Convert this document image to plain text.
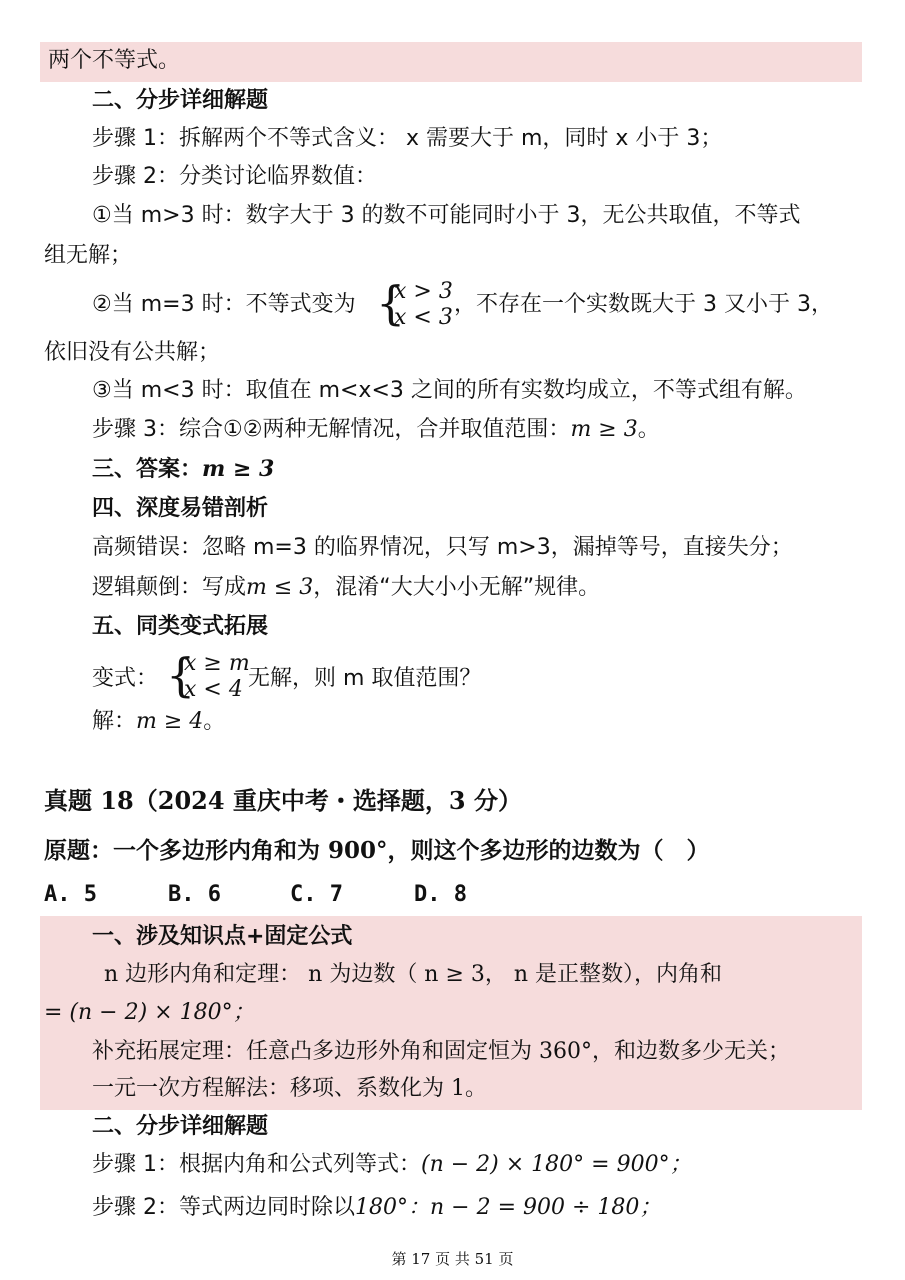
两个不等式。
二、分步详细解题
步骤 1：拆解两个不等式含义： x 需要大于 m，同时 x 小于 3；
步骤 2：分类讨论临界数值：
①当 m>3 时：数字大于 3 的数不可能同时小于 3，无公共取值，不等式
组无解；
②当 m=3 时：不等式变为 {
x > 3
x < 3
，不存在一个实数既大于 3 又小于 3，
依旧没有公共解；
③当 m<3 时：取值在 m<x<3 之间的所有实数均成立，不等式组有解。
步骤 3：综合①②两种无解情况，合并取值范围：m ≥ 3。
三、答案：m ≥ 3
四、深度易错剖析
高频错误：忽略 m=3 的临界情况，只写 m>3，漏掉等号，直接失分；
逻辑颠倒：写成m ≤ 3，混淆“大大小小无解”规律。
五、同类变式拓展
变式： {
x ≥ m
x < 4 无解，则 m 取值范围？
解：m ≥ 4。
真题 18（2024 重庆中考・选择题，3 分）
原题：一个多边形内角和为 900°，则这个多边形的边数为（　）
A. 5	B. 6	C. 7	D. 8
一、涉及知识点+固定公式
n 边形内角和定理： n 为边数（ n ≥ 3， n 是正整数），内角和
= (n − 2) × 180°；
补充拓展定理：任意凸多边形外角和固定恒为 360°，和边数多少无关；
一元一次方程解法：移项、系数化为 1。
二、分步详细解题
步骤 1：根据内角和公式列等式：(n − 2) × 180° = 900°；
步骤 2：等式两边同时除以180°：n − 2 = 900 ÷ 180；
第 17 页 共 51 页
